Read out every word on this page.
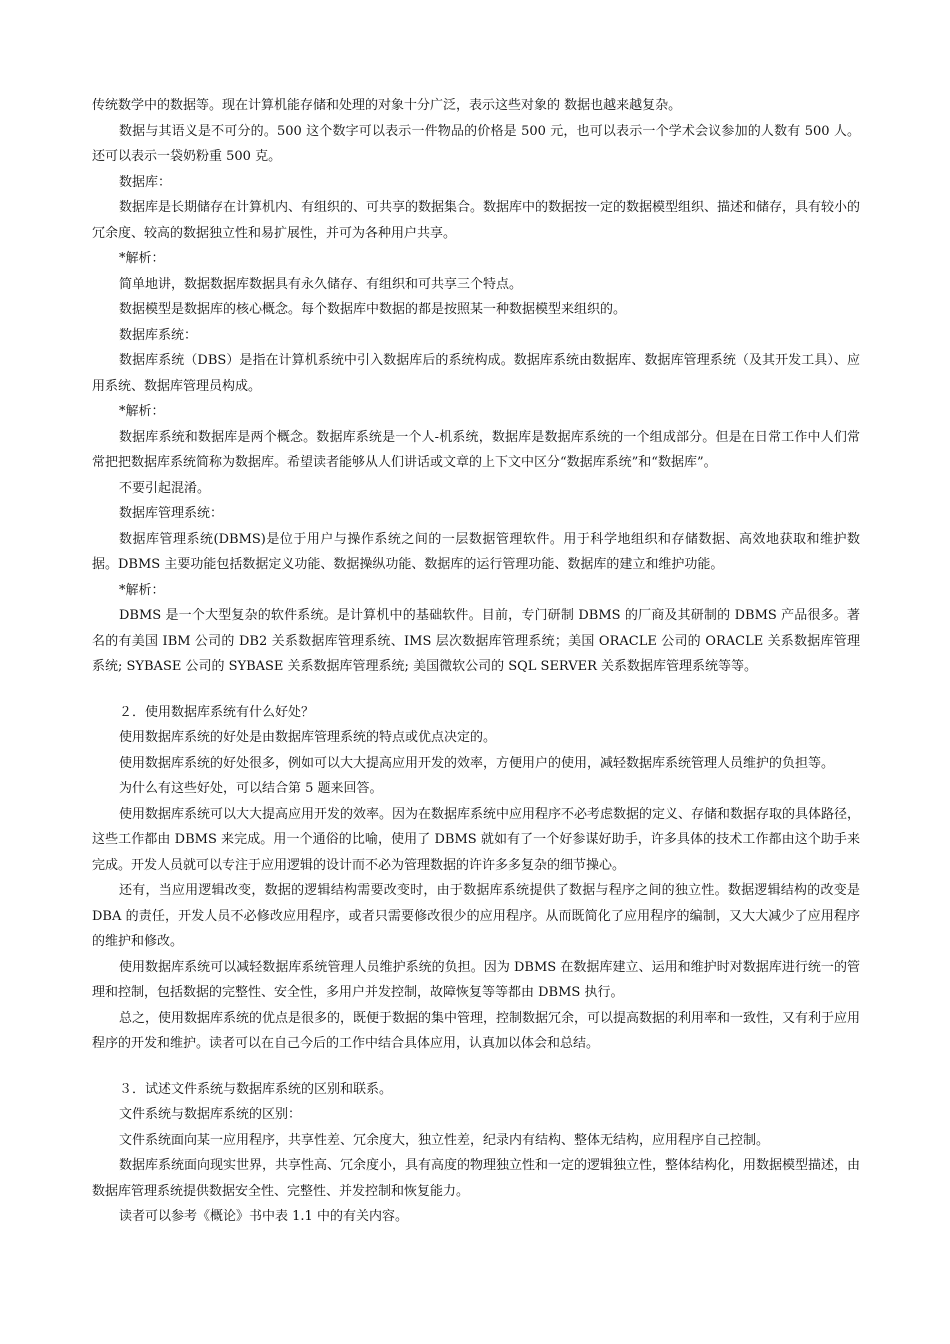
传统数学中的数据等。现在计算机能存储和处理的对象十分广泛，表示这些对象的 数据也越来越复杂。

数据与其语义是不可分的。500 这个数字可以表示一件物品的价格是 500 元，也可以表示一个学术会议参加的人数有 500 人。还可以表示一袋奶粉重 500 克。

数据库：

数据库是长期储存在计算机内、有组织的、可共享的数据集合。数据库中的数据按一定的数据模型组织、描述和储存，具有较小的冗余度、较高的数据独立性和易扩展性，并可为各种用户共享。

*解析：

简单地讲，数据数据库数据具有永久储存、有组织和可共享三个特点。

数据模型是数据库的核心概念。每个数据库中数据的都是按照某一种数据模型来组织的。

数据库系统：

数据库系统（DBS）是指在计算机系统中引入数据库后的系统构成。数据库系统由数据库、数据库管理系统（及其开发工具）、应用系统、数据库管理员构成。

*解析：

数据库系统和数据库是两个概念。数据库系统是一个人-机系统，数据库是数据库系统的一个组成部分。但是在日常工作中人们常常把把数据库系统简称为数据库。希望读者能够从人们讲话或文章的上下文中区分“数据库系统”和“数据库”。

不要引起混淆。

数据库管理系统：

数据库管理系统(DBMS)是位于用户与操作系统之间的一层数据管理软件。用于科学地组织和存储数据、高效地获取和维护数据。DBMS 主要功能包括数据定义功能、数据操纵功能、数据库的运行管理功能、数据库的建立和维护功能。

*解析：

DBMS 是一个大型复杂的软件系统。是计算机中的基础软件。目前，专门研制 DBMS 的厂商及其研制的 DBMS 产品很多。著名的有美国 IBM 公司的 DB2 关系数据库管理系统、IMS 层次数据库管理系统；美国 ORACLE 公司的 ORACLE 关系数据库管理系统; SYBASE 公司的 SYBASE 关系数据库管理系统; 美国微软公司的 SQL SERVER 关系数据库管理系统等等。

２．使用数据库系统有什么好处？

使用数据库系统的好处是由数据库管理系统的特点或优点决定的。

使用数据库系统的好处很多，例如可以大大提高应用开发的效率，方便用户的使用，减轻数据库系统管理人员维护的负担等。

为什么有这些好处，可以结合第 5 题来回答。

使用数据库系统可以大大提高应用开发的效率。因为在数据库系统中应用程序不必考虑数据的定义、存储和数据存取的具体路径，这些工作都由 DBMS 来完成。用一个通俗的比喻，使用了 DBMS 就如有了一个好参谋好助手，许多具体的技术工作都由这个助手来完成。开发人员就可以专注于应用逻辑的设计而不必为管理数据的许许多多复杂的细节操心。

还有，当应用逻辑改变，数据的逻辑结构需要改变时，由于数据库系统提供了数据与程序之间的独立性。数据逻辑结构的改变是 DBA 的责任，开发人员不必修改应用程序，或者只需要修改很少的应用程序。从而既简化了应用程序的编制，又大大减少了应用程序的维护和修改。

使用数据库系统可以减轻数据库系统管理人员维护系统的负担。因为 DBMS 在数据库建立、运用和维护时对数据库进行统一的管理和控制，包括数据的完整性、安全性，多用户并发控制，故障恢复等等都由 DBMS 执行。

总之，使用数据库系统的优点是很多的，既便于数据的集中管理，控制数据冗余，可以提高数据的利用率和一致性，又有利于应用程序的开发和维护。读者可以在自己今后的工作中结合具体应用，认真加以体会和总结。

３．试述文件系统与数据库系统的区别和联系。

文件系统与数据库系统的区别：

文件系统面向某一应用程序，共享性差、冗余度大，独立性差，纪录内有结构、整体无结构，应用程序自己控制。

数据库系统面向现实世界，共享性高、冗余度小，具有高度的物理独立性和一定的逻辑独立性，整体结构化，用数据模型描述，由数据库管理系统提供数据安全性、完整性、并发控制和恢复能力。

读者可以参考《概论》书中表 1.1 中的有关内容。
